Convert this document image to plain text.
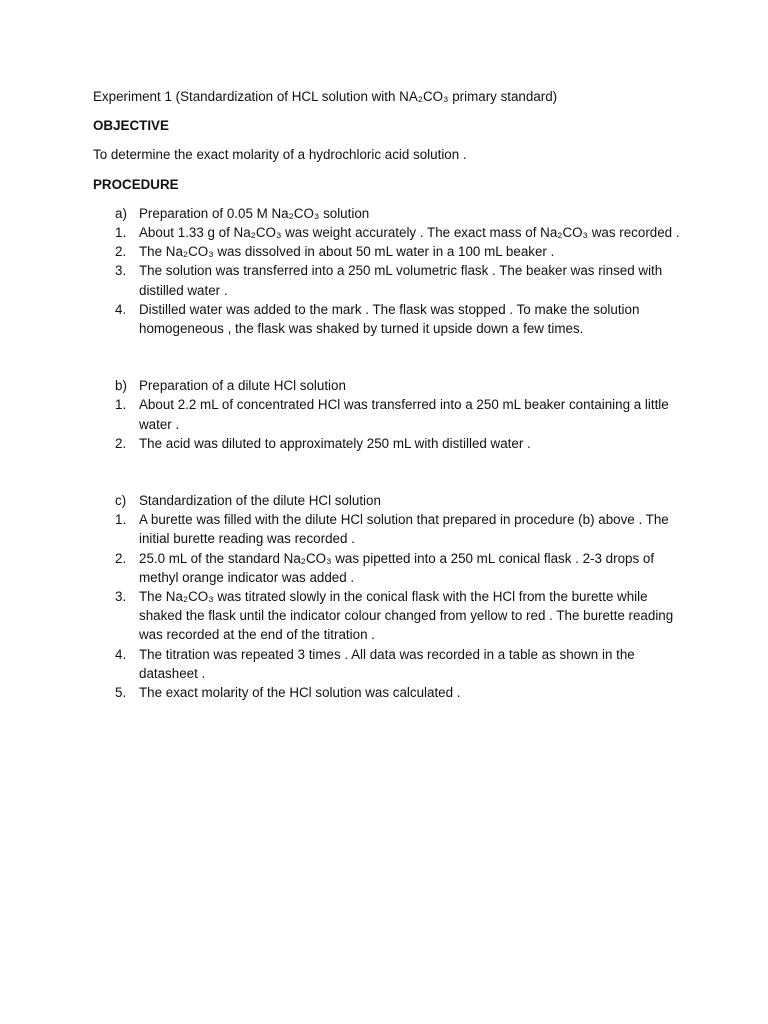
Experiment 1 (Standardization of HCL solution with NA₂CO₃ primary standard)

OBJECTIVE

To determine the exact molarity of a hydrochloric acid solution .

PROCEDURE

a) Preparation of 0.05 M Na₂CO₃ solution
1. About 1.33 g of Na₂CO₃ was weight accurately . The exact mass of Na₂CO₃ was recorded .
2. The Na₂CO₃ was dissolved in about 50 mL water in a 100 mL beaker .
3. The solution was transferred into a 250 mL volumetric flask . The beaker was rinsed with distilled water .
4. Distilled water was added to the mark . The flask was stopped . To make the solution homogeneous , the flask was shaked by turned it upside down a few times.
b) Preparation of a dilute HCl solution
1. About 2.2 mL of concentrated HCl was transferred into a 250 mL beaker containing a little water .
2. The acid was diluted to approximately 250 mL with distilled water .
c) Standardization of the dilute HCl solution
1. A burette was filled with the dilute HCl solution that prepared in procedure (b) above . The initial burette reading was recorded .
2. 25.0 mL of the standard Na₂CO₃ was pipetted into a 250 mL conical flask . 2-3 drops of methyl orange indicator was added .
3. The Na₂CO₃ was titrated slowly in the conical flask with the HCl from the burette while shaked the flask until the indicator colour changed from yellow to red . The burette reading was recorded at the end of the titration .
4. The titration was repeated 3 times . All data was recorded in a table as shown in the datasheet .
5. The exact molarity of the HCl solution was calculated .
